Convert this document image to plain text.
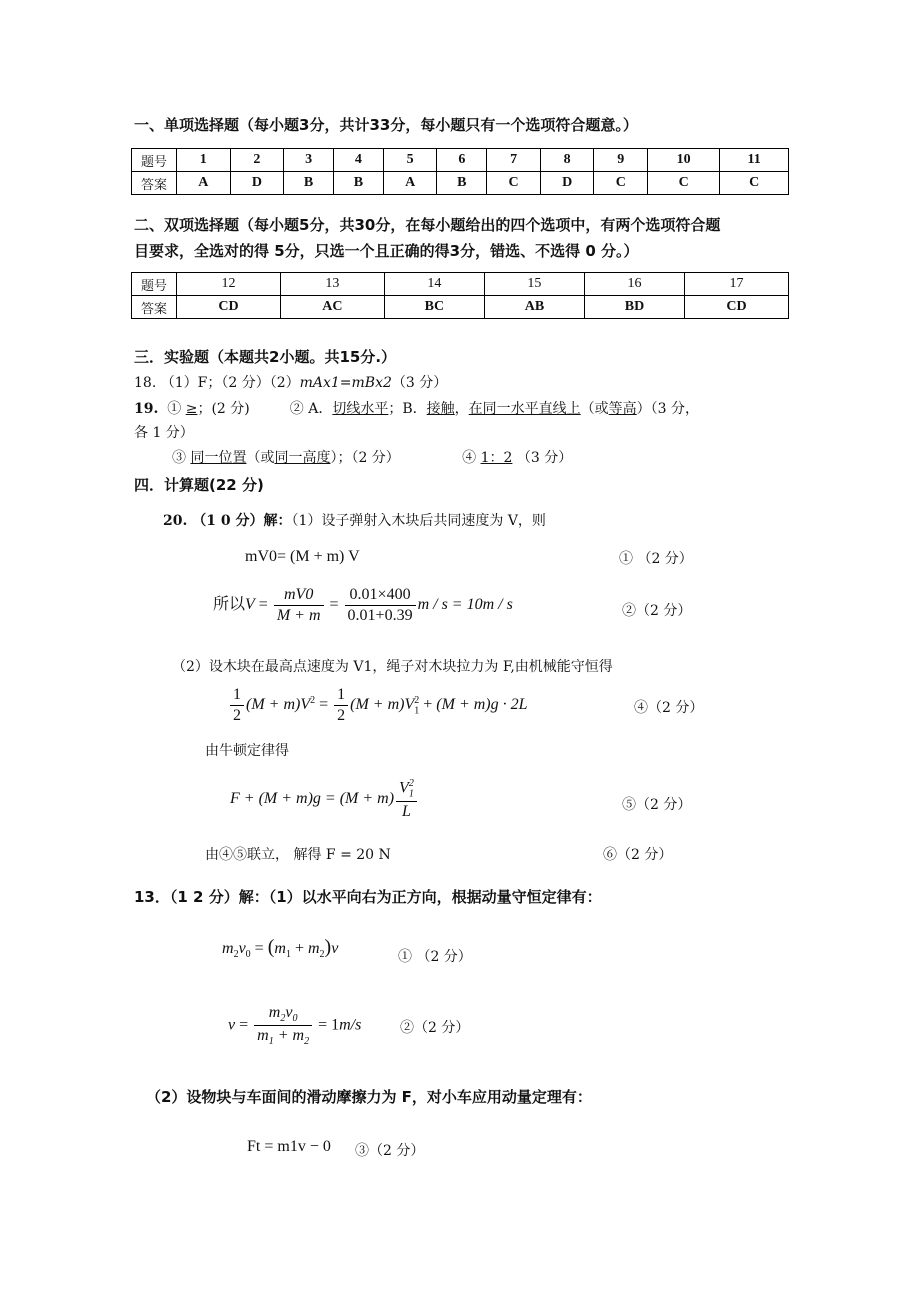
一、单项选择题（每小题3分，共计33分，每小题只有一个选项符合题意。）
题号	1	2	3	4	5	6	7	8	9	10	11
答案	A	D	B	B	A	B	C	D	C	C	C
二、双项选择题（每小题5分，共30分，在每小题给出的四个选项中，有两个选项符合题
目要求，全选对的得 5分，只选一个且正确的得3分，错选、不选得 0 分。）
题号	12	13	14	15	16	17
答案	CD	AC	BC	AB	BD	CD
三．实验题（本题共2小题。共15分.）
18. （1）F；（2 分）（2）mAx1=mBx2（3 分）
19. ① ≥；(2 分)	② A．切线水平；B．接触，在同一水平直线上（或等高）（3 分，
各 1 分）
③ 同一位置（或同一高度）；（2 分）	④ 1：2 （3 分）
四．计算题(22 分)
20. （1 0 分）解：（1）设子弹射入木块后共同速度为 V，则
mV0= (M + m) V	① （2 分）
所以$V = \frac{mV0}{M + m} = \frac{0.01\times 400}{0.01+0.39}$ m / s = 10m / s	②（2 分）
（2）设木块在最高点速度为 V1，绳子对木块拉力为 F,由机械能守恒得
$\frac{1}{2} (M + m)V^2 = \frac{1}{2} (M + m)V_1^2 + (M + m)g \cdot 2L$	④（2 分）
由牛顿定律得
$F + (M + m)g = (M + m) \frac{V_1^2}{L}$	⑤（2 分）
由④⑤联立， 解得 F = 20 N	⑥（2 分）
13．（1 2 分）解：（1）以水平向右为正方向，根据动量守恒定律有：
$m_2v_0 = (m_1 + m_2)v$	① （2 分）
$v = \frac{m_2v_0}{m_1 + m_2} = 1m/s$	②（2 分）
（2）设物块与车面间的滑动摩擦力为 F，对小车应用动量定理有：
Ft = m1v − 0 ③（2 分）
